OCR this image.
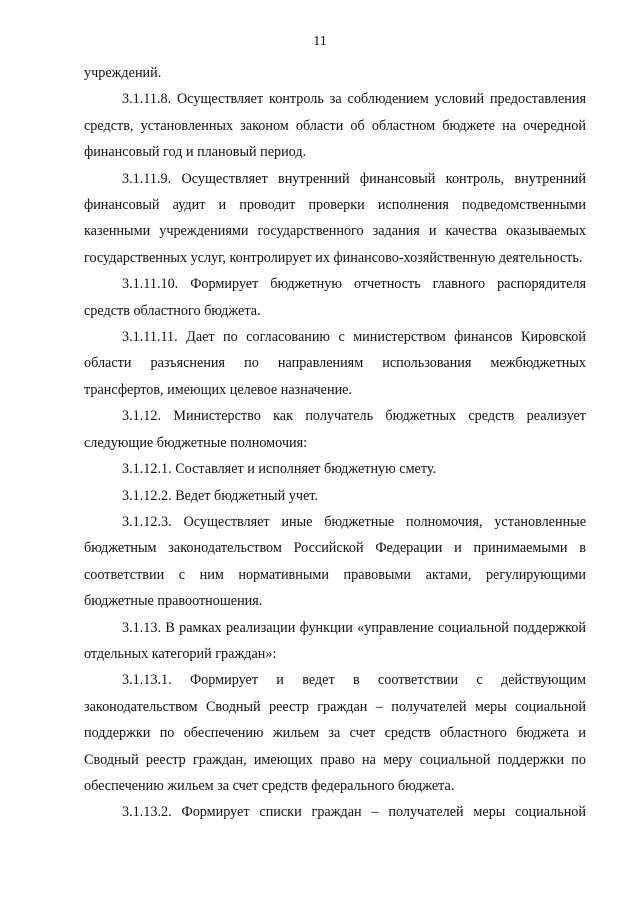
11

учреждений.

3.1.11.8. Осуществляет контроль за соблюдением условий предоставления средств, установленных законом области об областном бюджете на очередной финансовый год и плановый период.

3.1.11.9. Осуществляет внутренний финансовый контроль, внутренний финансовый аудит и проводит проверки исполнения подведомственными казенными учреждениями государственного задания и качества оказываемых государственных услуг, контролирует их финансово-хозяйственную деятельность.

3.1.11.10. Формирует бюджетную отчетность главного распорядителя средств областного бюджета.

3.1.11.11. Дает по согласованию с министерством финансов Кировской области разъяснения по направлениям использования межбюджетных трансфертов, имеющих целевое назначение.

3.1.12. Министерство как получатель бюджетных средств реализует следующие бюджетные полномочия:

3.1.12.1. Составляет и исполняет бюджетную смету.

3.1.12.2. Ведет бюджетный учет.

3.1.12.3. Осуществляет иные бюджетные полномочия, установленные бюджетным законодательством Российской Федерации и принимаемыми в соответствии с ним нормативными правовыми актами, регулирующими бюджетные правоотношения.

3.1.13. В рамках реализации функции «управление социальной поддержкой отдельных категорий граждан»:

3.1.13.1. Формирует и ведет в соответствии с действующим законодательством Сводный реестр граждан – получателей меры социальной поддержки по обеспечению жильем за счет средств областного бюджета и Сводный реестр граждан, имеющих право на меру социальной поддержки по обеспечению жильем за счет средств федерального бюджета.

3.1.13.2. Формирует списки граждан – получателей меры социальной
